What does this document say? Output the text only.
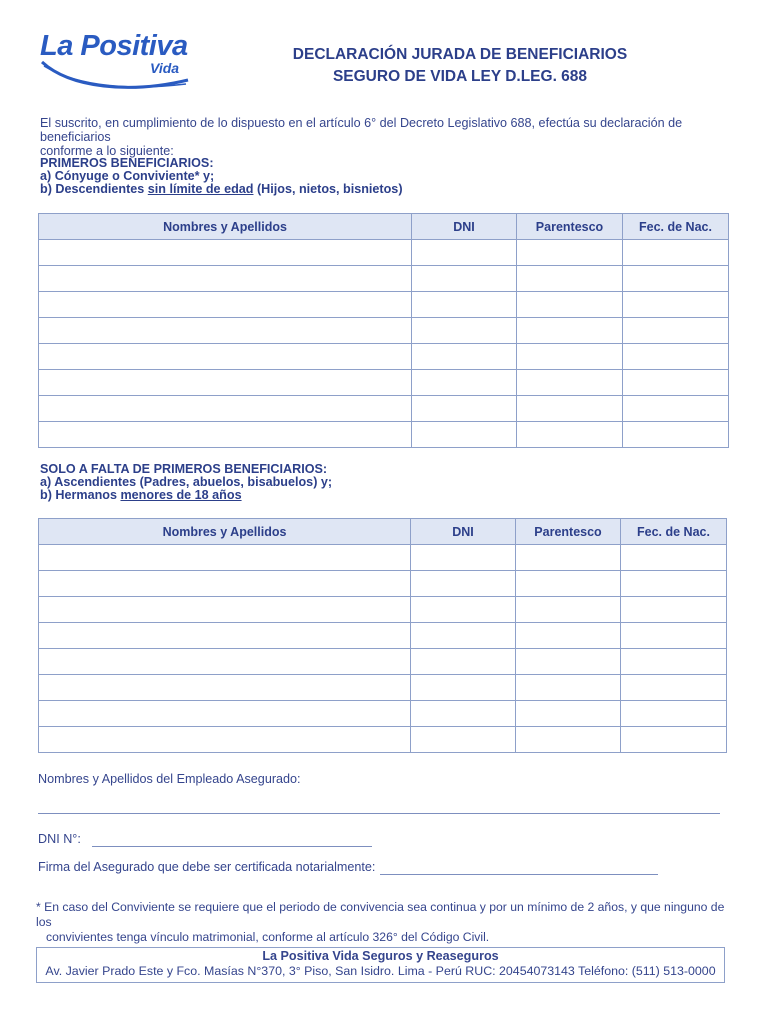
La Positiva
Vida
DECLARACIÓN JURADA DE BENEFICIARIOS
SEGURO DE VIDA LEY D.LEG. 688
El suscrito, en cumplimiento de lo dispuesto en el artículo 6° del Decreto Legislativo 688, efectúa su declaración de beneficiarios
conforme a lo siguiente:
PRIMEROS BENEFICIARIOS:
a) Cónyuge o Conviviente* y;
b) Descendientes sin límite de edad (Hijos, nietos, bisnietos)
Nombres y Apellidos	DNI	Parentesco	Fec. de Nac.

SOLO A FALTA DE PRIMEROS BENEFICIARIOS:
a) Ascendientes (Padres, abuelos, bisabuelos) y;
b) Hermanos menores de 18 años
Nombres y Apellidos	DNI	Parentesco	Fec. de Nac.

Nombres y Apellidos del Empleado Asegurado:
DNI N°:
Firma del Asegurado que debe ser certificada notarialmente:
* En caso del Conviviente se requiere que el periodo de convivencia sea continua y por un mínimo de 2 años, y que ninguno de los
convivientes tenga vínculo matrimonial, conforme al artículo 326° del Código Civil.
La Positiva Vida Seguros y Reaseguros
Av. Javier Prado Este y Fco. Masías N°370, 3° Piso, San Isidro. Lima - Perú RUC: 20454073143 Teléfono: (511) 513-0000
